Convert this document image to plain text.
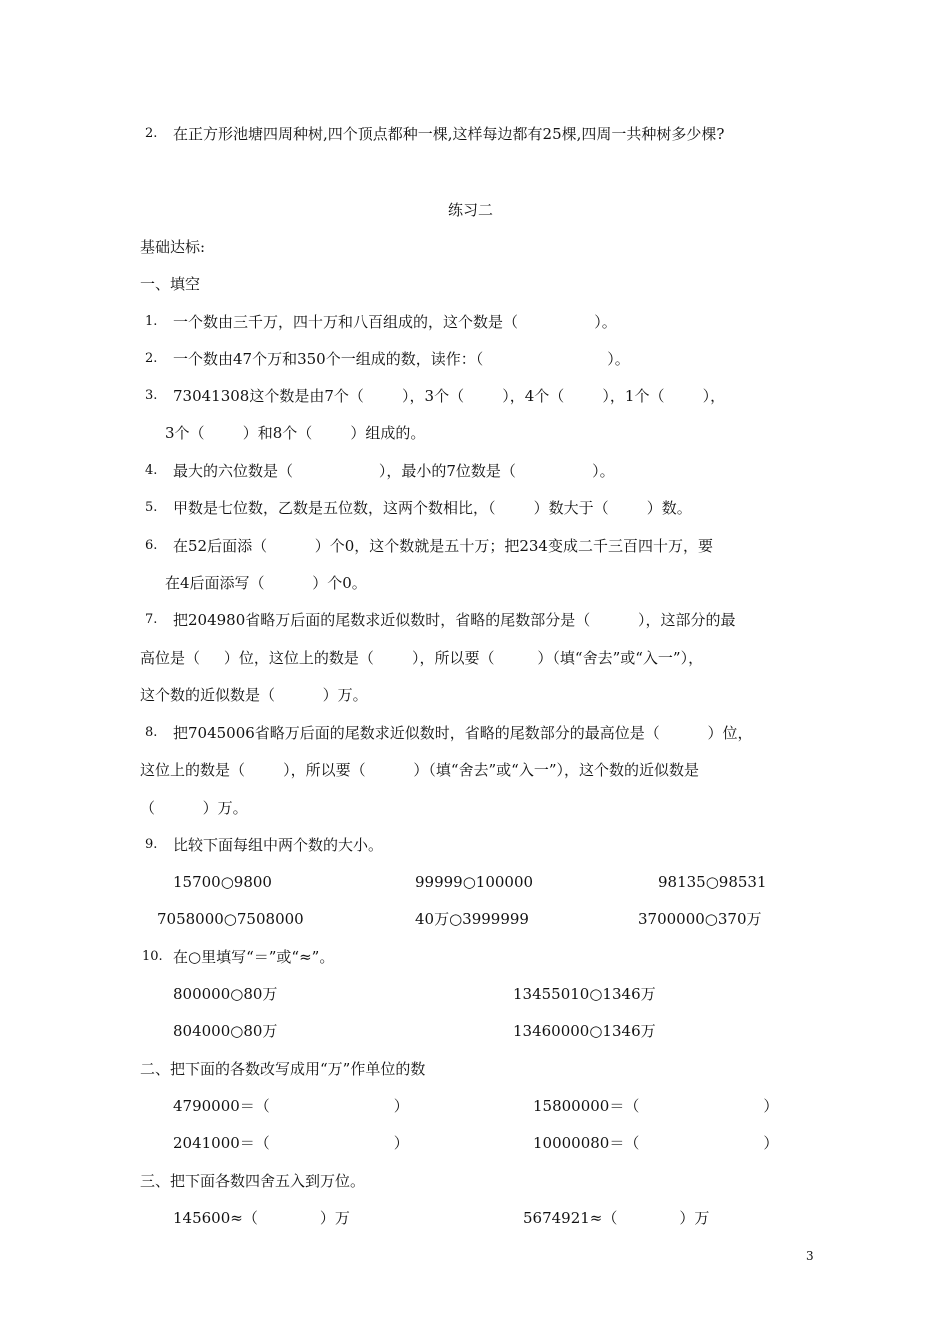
2. 在正方形池塘四周种树,四个顶点都种一棵,这样每边都有25棵,四周一共种树多少棵?
练习二
基础达标:
一、填空
1. 一个数由三千万，四十万和八百组成的，这个数是（                ）。
2. 一个数由47个万和350个一组成的数，读作：（                          ）。
3. 73041308这个数是由7个（        ），3个（        ），4个（        ），1个（        ），
3个（        ）和8个（        ）组成的。
4. 最大的六位数是（                  ），最小的7位数是（                ）。
5. 甲数是七位数，乙数是五位数，这两个数相比，（        ）数大于（        ）数。
6. 在52后面添（          ）个0，这个数就是五十万；把234变成二千三百四十万，要
在4后面添写（          ）个0。
7. 把204980省略万后面的尾数求近似数时，省略的尾数部分是（          ），这部分的最
高位是（     ）位，这位上的数是（        ），所以要（         ）（填“舍去”或“入一”），
这个数的近似数是（          ）万。
8. 把7045006省略万后面的尾数求近似数时，省略的尾数部分的最高位是（          ）位，
这位上的数是（        ），所以要（          ）（填“舍去”或“入一”），这个数的近似数是
（          ）万。
9. 比较下面每组中两个数的大小。
15700○9800	99999○100000	98135○98531
7058000○7508000	40万○3999999	3700000○370万
10. 在○里填写“＝”或“≈”。
800000○80万	13455010○1346万
804000○80万	13460000○1346万
二、把下面的各数改写成用“万”作单位的数
4790000＝（                          ）	15800000＝（                          ）
2041000＝（                          ）	10000080＝（                          ）
三、把下面各数四舍五入到万位。
145600≈（             ）万	5674921≈（             ）万
3
